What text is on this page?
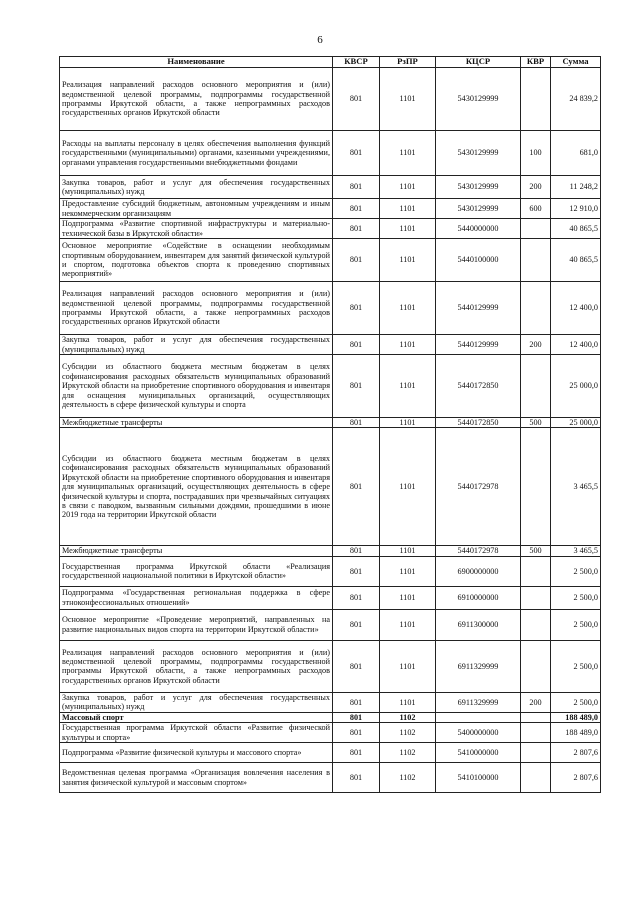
6
Наименование	КВСР	РзПР	КЦСР	КВР	Сумма
Реализация направлений расходов основного мероприятия и (или) ведомственной целевой программы, подпрограммы государственной программы Иркутской области, а также непрограммных расходов государственных органов Иркутской области	801	1101	5430129999		24 839,2
Расходы на выплаты персоналу в целях обеспечения выполнения функций государственными (муниципальными) органами, казенными учреждениями, органами управления государственными внебюджетными фондами	801	1101	5430129999	100	681,0
Закупка товаров, работ и услуг для обеспечения государственных (муниципальных) нужд	801	1101	5430129999	200	11 248,2
Предоставление субсидий бюджетным, автономным учреждениям и иным некоммерческим организациям	801	1101	5430129999	600	12 910,0
Подпрограмма «Развитие спортивной инфраструктуры и материально- технической базы в Иркутской области»	801	1101	5440000000		40 865,5
Основное мероприятие «Содействие в оснащении необходимым спортивным оборудованием, инвентарем для занятий физической культурой и спортом, подготовка объектов спорта к проведению спортивных мероприятий»	801	1101	5440100000		40 865,5
Реализация направлений расходов основного мероприятия и (или) ведомственной целевой программы, подпрограммы государственной программы Иркутской области, а также непрограммных расходов государственных органов Иркутской области	801	1101	5440129999		12 400,0
Закупка товаров, работ и услуг для обеспечения государственных (муниципальных) нужд	801	1101	5440129999	200	12 400,0
Субсидии из областного бюджета местным бюджетам в целях софинансирования расходных обязательств муниципальных образований Иркутской области на приобретение спортивного оборудования и инвентаря для оснащения муниципальных организаций, осуществляющих деятельность в сфере физической культуры и спорта	801	1101	5440172850		25 000,0
Межбюджетные трансферты	801	1101	5440172850	500	25 000,0
Субсидии из областного бюджета местным бюджетам в целях софинансирования расходных обязательств муниципальных образований Иркутской области на приобретение спортивного оборудования и инвентаря для муниципальных организаций, осуществляющих деятельность в сфере физической культуры и спорта, пострадавших при чрезвычайных ситуациях в связи с паводком, вызванным сильными дождями, прошедшими в июне 2019 года на территории Иркутской области	801	1101	5440172978		3 465,5
Межбюджетные трансферты	801	1101	5440172978	500	3 465,5
Государственная программа Иркутской области «Реализация государственной национальной политики в Иркутской области»	801	1101	6900000000		2 500,0
Подпрограмма «Государственная региональная поддержка в сфере этноконфессиональных отношений»	801	1101	6910000000		2 500,0
Основное мероприятие «Проведение мероприятий, направленных на развитие национальных видов спорта на территории Иркутской области»	801	1101	6911300000		2 500,0
Реализация направлений расходов основного мероприятия и (или) ведомственной целевой программы, подпрограммы государственной программы Иркутской области, а также непрограммных расходов государственных органов Иркутской области	801	1101	6911329999		2 500,0
Закупка товаров, работ и услуг для обеспечения государственных (муниципальных) нужд	801	1101	6911329999	200	2 500,0
Массовый спорт	801	1102			188 489,0
Государственная программа Иркутской области «Развитие физической культуры и спорта»	801	1102	5400000000		188 489,0
Подпрограмма «Развитие физической культуры и массового спорта»	801	1102	5410000000		2 807,6
Ведомственная целевая программа «Организация вовлечения населения в занятия физической культурой и массовым спортом»	801	1102	5410100000		2 807,6
